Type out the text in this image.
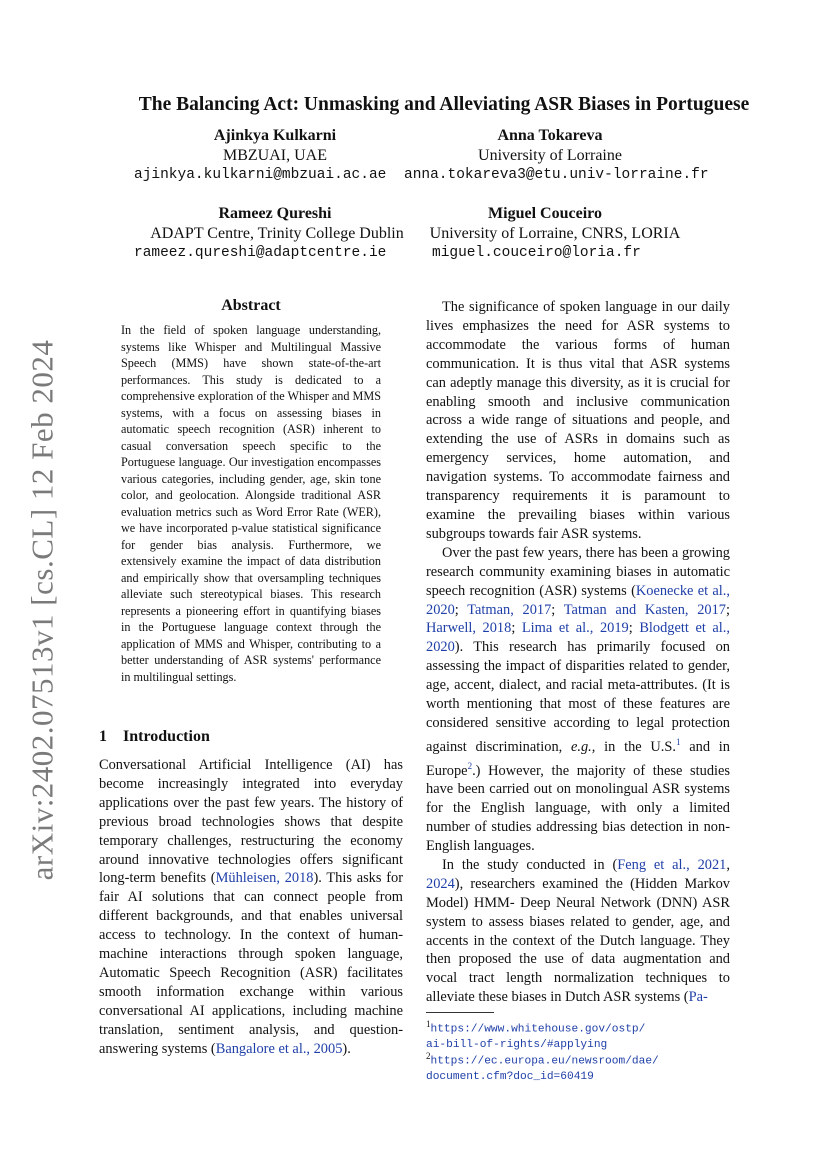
arXiv:2402.07513v1 [cs.CL] 12 Feb 2024
The Balancing Act: Unmasking and Alleviating ASR Biases in Portuguese
Ajinkya Kulkarni
MBZUAI, UAE
Anna Tokareva
University of Lorraine
ajinkya.kulkarni@mbzuai.ac.ae anna.tokareva3@etu.univ-lorraine.fr
Rameez Qureshi
ADAPT Centre, Trinity College Dublin
Miguel Couceiro
University of Lorraine, CNRS, LORIA
rameez.qureshi@adaptcentre.ie	miguel.couceiro@loria.fr
Abstract
In the field of spoken language understanding, systems like Whisper and Multilingual Massive Speech (MMS) have shown state-of-the-art performances. This study is dedicated to a comprehensive exploration of the Whisper and MMS systems, with a focus on assessing biases in automatic speech recognition (ASR) inherent to casual conversation speech specific to the Portuguese language. Our investigation encompasses various categories, including gender, age, skin tone color, and geolocation. Alongside traditional ASR evaluation metrics such as Word Error Rate (WER), we have incorporated p-value statistical significance for gender bias analysis. Furthermore, we extensively examine the impact of data distribution and empirically show that oversampling techniques alleviate such stereotypical biases. This research represents a pioneering effort in quantifying biases in the Portuguese language context through the application of MMS and Whisper, contributing to a better understanding of ASR systems' performance in multilingual settings.
1 Introduction

Conversational Artificial Intelligence (AI) has become increasingly integrated into everyday applications over the past few years. The history of previous broad technologies shows that despite temporary challenges, restructuring the economy around innovative technologies offers significant long-term benefits (Mühleisen, 2018). This asks for fair AI solutions that can connect people from different backgrounds, and that enables universal access to technology. In the context of human-machine interactions through spoken language, Automatic Speech Recognition (ASR) facilitates smooth information exchange within various conversational AI applications, including machine translation, sentiment analysis, and question-answering systems (Bangalore et al., 2005).

The significance of spoken language in our daily lives emphasizes the need for ASR systems to accommodate the various forms of human communication. It is thus vital that ASR systems can adeptly manage this diversity, as it is crucial for enabling smooth and inclusive communication across a wide range of situations and people, and extending the use of ASRs in domains such as emergency services, home automation, and navigation systems. To accommodate fairness and transparency requirements it is paramount to examine the prevailing biases within various subgroups towards fair ASR systems.

Over the past few years, there has been a growing research community examining biases in automatic speech recognition (ASR) systems (Koenecke et al., 2020; Tatman, 2017; Tatman and Kasten, 2017; Harwell, 2018; Lima et al., 2019; Blodgett et al., 2020). This research has primarily focused on assessing the impact of disparities related to gender, age, accent, dialect, and racial meta-attributes. (It is worth mentioning that most of these features are considered sensitive according to legal protection against discrimination, e.g., in the U.S.$^1$ and in Europe$^2$.) However, the majority of these studies have been carried out on monolingual ASR systems for the English language, with only a limited number of studies addressing bias detection in non-English languages.

In the study conducted in (Feng et al., 2021, 2024), researchers examined the (Hidden Markov Model) HMM- Deep Neural Network (DNN) ASR system to assess biases related to gender, age, and accents in the context of the Dutch language. They then proposed the use of data augmentation and vocal tract length normalization techniques to alleviate these biases in Dutch ASR systems (Pa-

$^1$https://www.whitehouse.gov/ostp/
ai-bill-of-rights/#applying
$^2$https://ec.europa.eu/newsroom/dae/
document.cfm?doc_id=60419
